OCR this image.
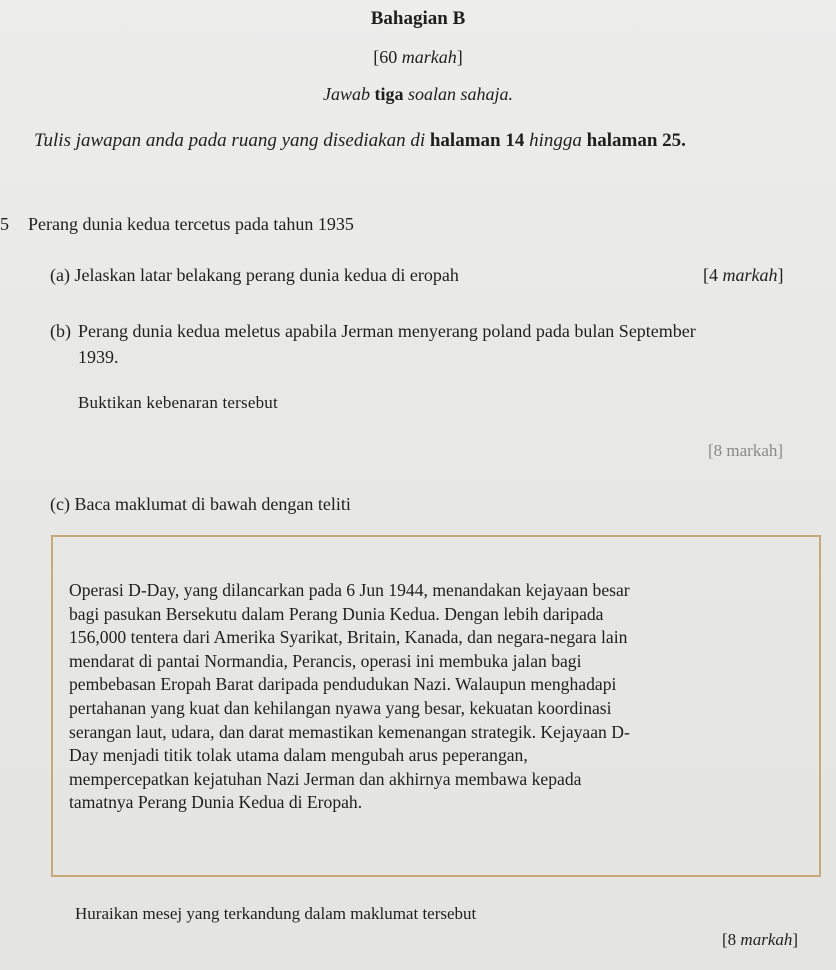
Bahagian B
[60 markah]
Jawab tiga soalan sahaja.
Tulis jawapan anda pada ruang yang disediakan di halaman 14 hingga halaman 25.
5 Perang dunia kedua tercetus pada tahun 1935
(a) Jelaskan latar belakang perang dunia kedua di eropah	[4 markah]
(b) Perang dunia kedua meletus apabila Jerman menyerang poland pada bulan September
1939.
Buktikan kebenaran tersebut
[8 markah]
(c) Baca maklumat di bawah dengan teliti
Operasi D-Day, yang dilancarkan pada 6 Jun 1944, menandakan kejayaan besar
bagi pasukan Bersekutu dalam Perang Dunia Kedua. Dengan lebih daripada
156,000 tentera dari Amerika Syarikat, Britain, Kanada, dan negara-negara lain
mendarat di pantai Normandia, Perancis, operasi ini membuka jalan bagi
pembebasan Eropah Barat daripada pendudukan Nazi. Walaupun menghadapi
pertahanan yang kuat dan kehilangan nyawa yang besar, kekuatan koordinasi
serangan laut, udara, dan darat memastikan kemenangan strategik. Kejayaan D-
Day menjadi titik tolak utama dalam mengubah arus peperangan,
mempercepatkan kejatuhan Nazi Jerman dan akhirnya membawa kepada
tamatnya Perang Dunia Kedua di Eropah.
Huraikan mesej yang terkandung dalam maklumat tersebut
[8 markah]
